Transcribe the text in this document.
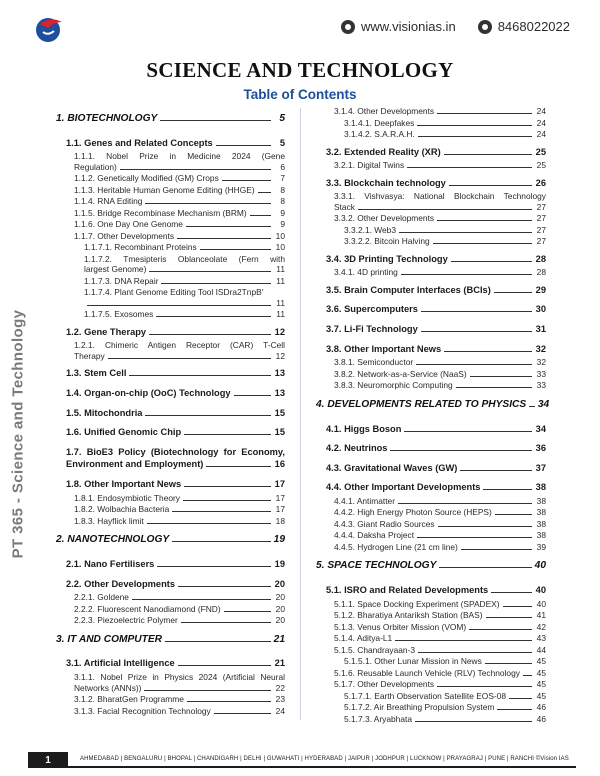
www.visionias.in	8468022022
SCIENCE AND TECHNOLOGY
Table of Contents
PT 365 - Science and Technology
1. BIOTECHNOLOGY	5
1.1. Genes and Related Concepts	5
1.1.1. Nobel Prize in Medicine 2024 (Gene
Regulation)	6
1.1.2. Genetically Modified (GM) Crops	7
1.1.3. Heritable Human Genome Editing (HHGE)	8
1.1.4. RNA Editing	8
1.1.5. Bridge Recombinase Mechanism (BRM)	9
1.1.6. One Day One Genome	9
1.1.7. Other Developments	10
1.1.7.1. Recombinant Proteins	10
1.1.7.2. Tmesipteris Oblanceolate (Fern with
largest Genome)	11
1.1.7.3. DNA Repair	11
1.1.7.4. Plant Genome Editing Tool ISDra2TnpB'
11
1.1.7.5. Exosomes	11
1.2. Gene Therapy	12
1.2.1. Chimeric Antigen Receptor (CAR) T-Cell
Therapy	12
1.3. Stem Cell	13
1.4. Organ-on-chip (OoC) Technology	13
1.5. Mitochondria	15
1.6. Unified Genomic Chip	15
1.7. BioE3 Policy (Biotechnology for Economy,
Environment and Employment)	16
1.8. Other Important News	17
1.8.1. Endosymbiotic Theory	17
1.8.2. Wolbachia Bacteria	17
1.8.3. Hayflick limit	18
2. NANOTECHNOLOGY	19
2.1. Nano Fertilisers	19
2.2. Other Developments	20
2.2.1. Goldene	20
2.2.2. Fluorescent Nanodiamond (FND)	20
2.2.3. Piezoelectric Polymer	20
3. IT AND COMPUTER	21
3.1. Artificial Intelligence	21
3.1.1. Nobel Prize in Physics 2024 (Artificial Neural
Networks (ANNs))	22
3.1.2. BharatGen Programme	23
3.1.3. Facial Recognition Technology	24
3.1.4. Other Developments	24
3.1.4.1. Deepfakes	24
3.1.4.2. S.A.R.A.H.	24
3.2. Extended Reality (XR)	25
3.2.1. Digital Twins	25
3.3. Blockchain technology	26
3.3.1. Vishvasya: National Blockchain Technology
Stack	27
3.3.2. Other Developments	27
3.3.2.1. Web3	27
3.3.2.2. Bitcoin Halving	27
3.4. 3D Printing Technology	28
3.4.1. 4D printing	28
3.5. Brain Computer Interfaces (BCIs)	29
3.6. Supercomputers	30
3.7. Li-Fi Technology	31
3.8. Other Important News	32
3.8.1. Semiconductor	32
3.8.2. Network-as-a-Service (NaaS)	33
3.8.3. Neuromorphic Computing	33
4. DEVELOPMENTS RELATED TO PHYSICS 34
4.1. Higgs Boson	34
4.2. Neutrinos	36
4.3. Gravitational Waves (GW)	37
4.4. Other Important Developments	38
4.4.1. Antimatter	38
4.4.2. High Energy Photon Source (HEPS)	38
4.4.3. Giant Radio Sources	38
4.4.4. Daksha Project	38
4.4.5. Hydrogen Line (21 cm line)	39
5. SPACE TECHNOLOGY	40
5.1. ISRO and Related Developments	40
5.1.1. Space Docking Experiment (SPADEX)	40
5.1.2. Bharatiya Antariksh Station (BAS)	41
5.1.3. Venus Orbiter Mission (VOM)	42
5.1.4. Aditya-L1	43
5.1.5. Chandrayaan-3	44
5.1.5.1. Other Lunar Mission in News	45
5.1.6. Reusable Launch Vehicle (RLV) Technology	45
5.1.7. Other Developments	45
5.1.7.1. Earth Observation Satellite EOS-08	45
5.1.7.2. Air Breathing Propulsion System	46
5.1.7.3. Aryabhata	46
1	AHMEDABAD | BENGALURU | BHOPAL | CHANDIGARH | DELHI | GUWAHATI | HYDERABAD | JAIPUR | JODHPUR | LUCKNOW | PRAYAGRAJ | PUNE | RANCHI ©Vision IAS
